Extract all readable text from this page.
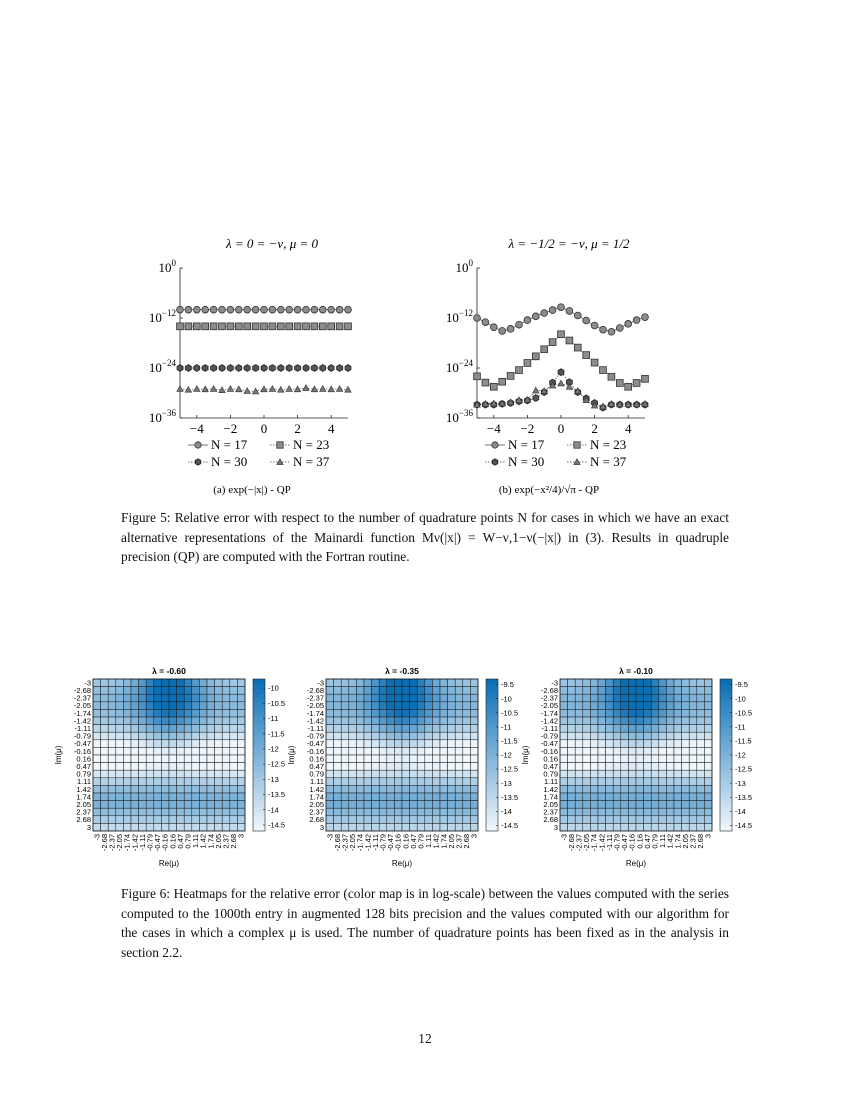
λ = 0 = −ν, μ = 0
$10^0$
$10^{-12}$
$10^{-24}$
$10^{-36}$
−4 −2 0 2 4
N = 17	N = 23
N = 30	N = 37
(a) exp(−|x|) - QP
λ = −1/2 = −ν, μ = 1/2
$10^0$
$10^{-12}$
$10^{-24}$
$10^{-36}$
−4 −2 0 2 4
N = 17	N = 23
N = 30	N = 37
(b) exp(−x²/4)/√π - QP
Figure 5: Relative error with respect to the number of quadrature points N for cases in which we have an exact alternative representations of the Mainardi function Mν(|x|) = W−ν,1−ν(−|x|) in (3). Results in quadruple precision (QP) are computed with the Fortran routine.
λ = -0.60
-3
-2.68
-2.37
-2.05
-1.74
-1.42
-1.11
-0.79
-0.47
-0.16
0.16
0.47
0.79
1.11
1.42
1.74
2.05
2.37
2.68
3
-3
-2.68
-2.37
-2.05
-1.74
-1.42
-1.11
-0.79
-0.47
-0.16
0.16
0.47
0.79
1.11
1.42
1.74
2.05
2.37
2.68
3
Im(μ)
Re(μ)
-10
-10.5
-11
-11.5
-12
-12.5
-13
-13.5
-14
-14.5
λ = -0.35
-3
-2.68
-2.37
-2.05
-1.74
-1.42
-1.11
-0.79
-0.47
-0.16
0.16
0.47
0.79
1.11
1.42
1.74
2.05
2.37
2.68
3
-3
-2.68
-2.37
-2.05
-1.74
-1.42
-1.11
-0.79
-0.47
-0.16
0.16
0.47
0.79
1.11
1.42
1.74
2.05
2.37
2.68
3
Im(μ)
Re(μ)
-9.5
-10
-10.5
-11
-11.5
-12
-12.5
-13
-13.5
-14
-14.5
λ = -0.10
-3
-2.68
-2.37
-2.05
-1.74
-1.42
-1.11
-0.79
-0.47
-0.16
0.16
0.47
0.79
1.11
1.42
1.74
2.05
2.37
2.68
3
-3
-2.68
-2.37
-2.05
-1.74
-1.42
-1.11
-0.79
-0.47
-0.16
0.16
0.47
0.79
1.11
1.42
1.74
2.05
2.37
2.68
3
Im(μ)
Re(μ)
-9.5
-10
-10.5
-11
-11.5
-12
-12.5
-13
-13.5
-14
-14.5
Figure 6: Heatmaps for the relative error (color map is in log-scale) between the values computed with the series computed to the 1000th entry in augmented 128 bits precision and the values computed with our algorithm for the cases in which a complex μ is used. The number of quadrature points has been fixed as in the analysis in section 2.2.
12
